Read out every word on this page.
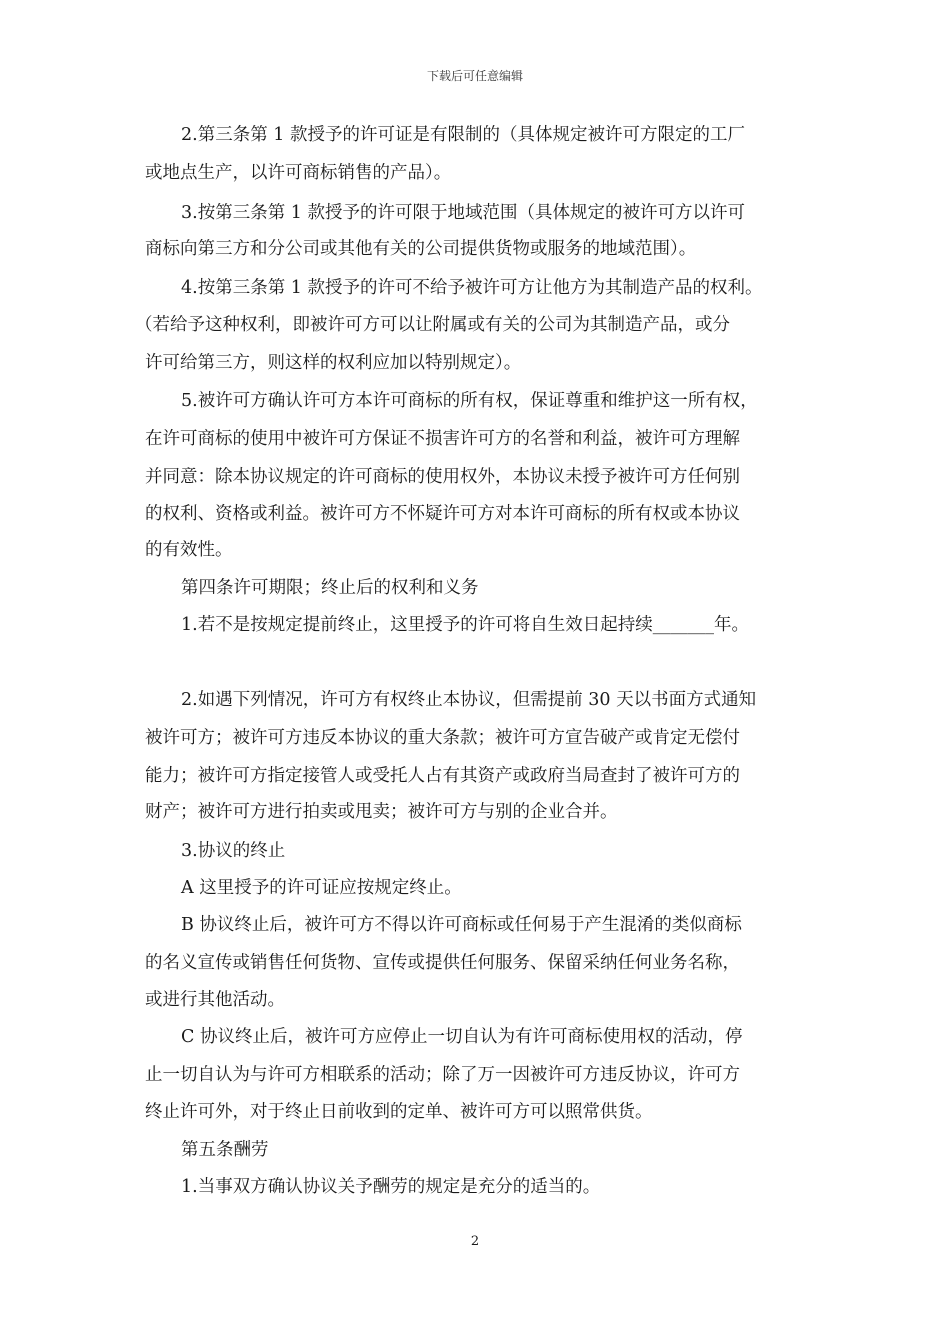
下载后可任意编辑
2.第三条第 1 款授予的许可证是有限制的（具体规定被许可方限定的工厂
或地点生产，以许可商标销售的产品）。
3.按第三条第 1 款授予的许可限于地域范围（具体规定的被许可方以许可
商标向第三方和分公司或其他有关的公司提供货物或服务的地域范围）。
4.按第三条第 1 款授予的许可不给予被许可方让他方为其制造产品的权利。
（若给予这种权利，即被许可方可以让附属或有关的公司为其制造产品，或分
许可给第三方，则这样的权利应加以特别规定）。
5.被许可方确认许可方本许可商标的所有权，保证尊重和维护这一所有权，
在许可商标的使用中被许可方保证不损害许可方的名誉和利益，被许可方理解
并同意：除本协议规定的许可商标的使用权外，本协议未授予被许可方任何别
的权利、资格或利益。被许可方不怀疑许可方对本许可商标的所有权或本协议
的有效性。
第四条许可期限；终止后的权利和义务
1.若不是按规定提前终止，这里授予的许可将自生效日起持续_______年。
2.如遇下列情况，许可方有权终止本协议，但需提前 30 天以书面方式通知
被许可方；被许可方违反本协议的重大条款；被许可方宣告破产或肯定无偿付
能力；被许可方指定接管人或受托人占有其资产或政府当局查封了被许可方的
财产；被许可方进行拍卖或甩卖；被许可方与别的企业合并。
3.协议的终止
A 这里授予的许可证应按规定终止。
B 协议终止后，被许可方不得以许可商标或任何易于产生混淆的类似商标
的名义宣传或销售任何货物、宣传或提供任何服务、保留采纳任何业务名称，
或进行其他活动。
C 协议终止后，被许可方应停止一切自认为有许可商标使用权的活动，停
止一切自认为与许可方相联系的活动；除了万一因被许可方违反协议，许可方
终止许可外，对于终止日前收到的定单、被许可方可以照常供货。
第五条酬劳
1.当事双方确认协议关予酬劳的规定是充分的适当的。
2
